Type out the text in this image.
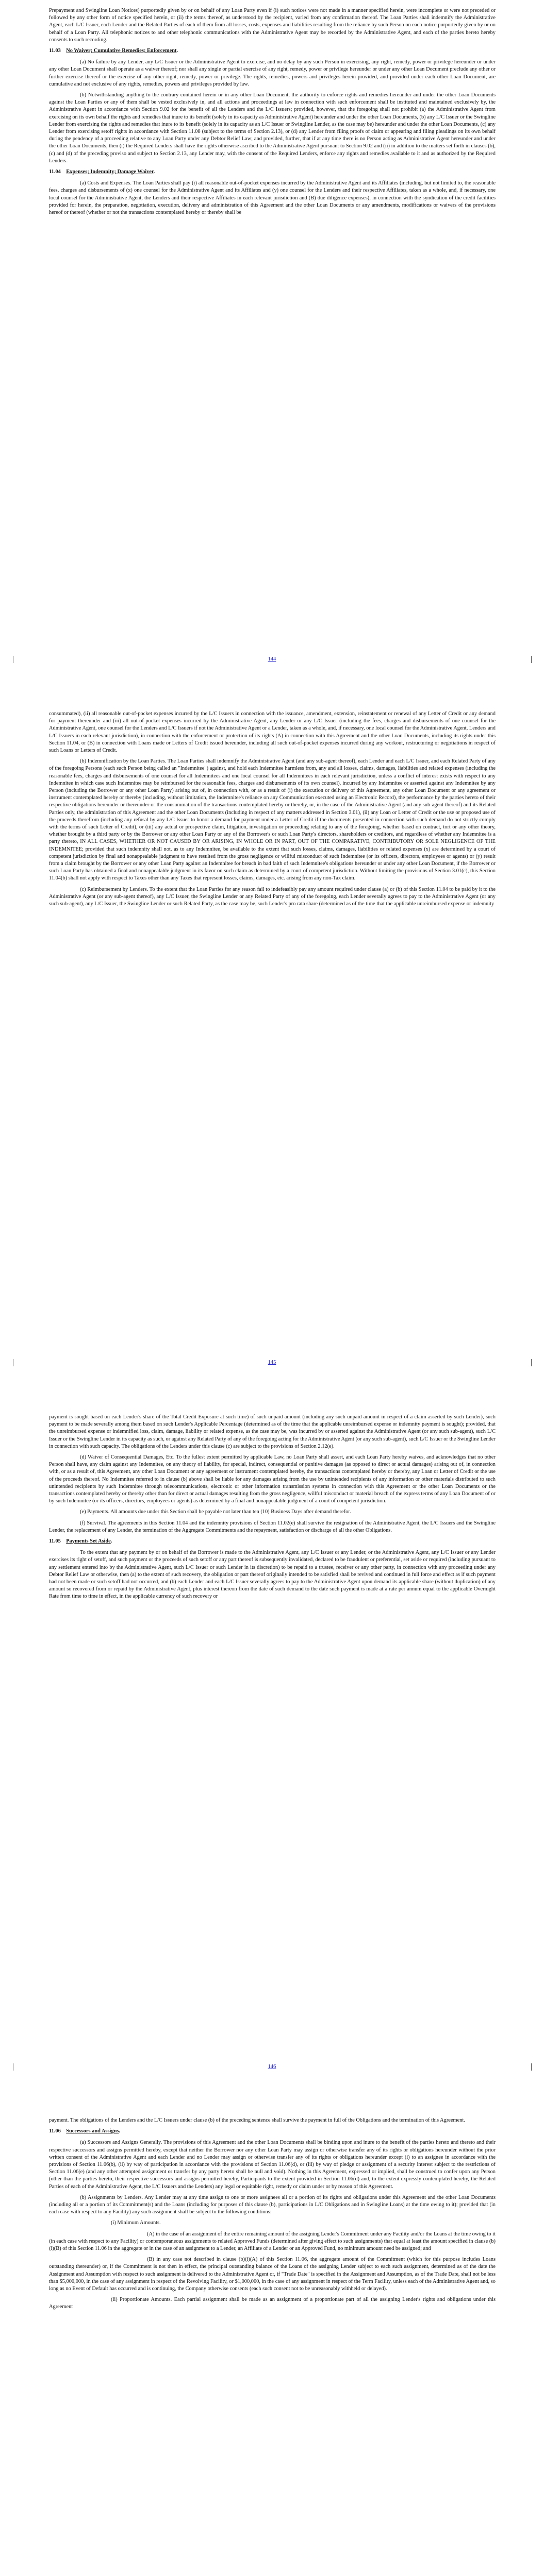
Prepayment and Swingline Loan Notices) purportedly given by or on behalf of any Loan Party even if (i) such notices were not made in a manner specified herein, were incomplete or were not preceded or followed by any other form of notice specified herein, or (ii) the terms thereof, as understood by the recipient, varied from any confirmation thereof. The Loan Parties shall indemnify the Administrative Agent, each L/C Issuer, each Lender and the Related Parties of each of them from all losses, costs, expenses and liabilities resulting from the reliance by such Person on each notice purportedly given by or on behalf of a Loan Party. All telephonic notices to and other telephonic communications with the Administrative Agent may be recorded by the Administrative Agent, and each of the parties hereto hereby consents to such recording.

11.03 No Waiver; Cumulative Remedies; Enforcement.

(a) No failure by any Lender, any L/C Issuer or the Administrative Agent to exercise, and no delay by any such Person in exercising, any right, remedy, power or privilege hereunder or under any other Loan Document shall operate as a waiver thereof; nor shall any single or partial exercise of any right, remedy, power or privilege hereunder or under any other Loan Document preclude any other or further exercise thereof or the exercise of any other right, remedy, power or privilege. The rights, remedies, powers and privileges herein provided, and provided under each other Loan Document, are cumulative and not exclusive of any rights, remedies, powers and privileges provided by law.

(b) Notwithstanding anything to the contrary contained herein or in any other Loan Document, the authority to enforce rights and remedies hereunder and under the other Loan Documents against the Loan Parties or any of them shall be vested exclusively in, and all actions and proceedings at law in connection with such enforcement shall be instituted and maintained exclusively by, the Administrative Agent in accordance with Section 9.02 for the benefit of all the Lenders and the L/C Issuers; provided, however, that the foregoing shall not prohibit (a) the Administrative Agent from exercising on its own behalf the rights and remedies that inure to its benefit (solely in its capacity as Administrative Agent) hereunder and under the other Loan Documents, (b) any L/C Issuer or the Swingline Lender from exercising the rights and remedies that inure to its benefit (solely in its capacity as an L/C Issuer or Swingline Lender, as the case may be) hereunder and under the other Loan Documents, (c) any Lender from exercising setoff rights in accordance with Section 11.08 (subject to the terms of Section 2.13), or (d) any Lender from filing proofs of claim or appearing and filing pleadings on its own behalf during the pendency of a proceeding relative to any Loan Party under any Debtor Relief Law; and provided, further, that if at any time there is no Person acting as Administrative Agent hereunder and under the other Loan Documents, then (i) the Required Lenders shall have the rights otherwise ascribed to the Administrative Agent pursuant to Section 9.02 and (ii) in addition to the matters set forth in clauses (b), (c) and (d) of the preceding proviso and subject to Section 2.13, any Lender may, with the consent of the Required Lenders, enforce any rights and remedies available to it and as authorized by the Required Lenders.

11.04 Expenses; Indemnity; Damage Waiver.

(a) Costs and Expenses. The Loan Parties shall pay (i) all reasonable out-of-pocket expenses incurred by the Administrative Agent and its Affiliates (including, but not limited to, the reasonable fees, charges and disbursements of (x) one counsel for the Administrative Agent and its Affiliates and (y) one counsel for the Lenders and their respective Affiliates, taken as a whole, and, if necessary, one local counsel for the Administrative Agent, the Lenders and their respective Affiliates in each relevant jurisdiction and (B) due diligence expenses), in connection with the syndication of the credit facilities provided for herein, the preparation, negotiation, execution, delivery and administration of this Agreement and the other Loan Documents or any amendments, modifications or waivers of the provisions hereof or thereof (whether or not the transactions contemplated hereby or thereby shall be

144

consummated), (ii) all reasonable out-of-pocket expenses incurred by the L/C Issuers in connection with the issuance, amendment, extension, reinstatement or renewal of any Letter of Credit or any demand for payment thereunder and (iii) all out-of-pocket expenses incurred by the Administrative Agent, any Lender or any L/C Issuer (including the fees, charges and disbursements of one counsel for the Administrative Agent, one counsel for the Lenders and L/C Issuers if not the Administrative Agent or a Lender, taken as a whole, and, if necessary, one local counsel for the Administrative Agent, Lenders and L/C Issuers in each relevant jurisdiction), in connection with the enforcement or protection of its rights (A) in connection with this Agreement and the other Loan Documents, including its rights under this Section 11.04, or (B) in connection with Loans made or Letters of Credit issued hereunder, including all such out-of-pocket expenses incurred during any workout, restructuring or negotiations in respect of such Loans or Letters of Credit.

(b) Indemnification by the Loan Parties. The Loan Parties shall indemnify the Administrative Agent (and any sub-agent thereof), each Lender and each L/C Issuer, and each Related Party of any of the foregoing Persons (each such Person being called an "Indemnitee") against, and hold each Indemnitee harmless from, any and all losses, claims, damages, liabilities and related expenses (including the reasonable fees, charges and disbursements of one counsel for all Indemnitees and one local counsel for all Indemnitees in each relevant jurisdiction, unless a conflict of interest exists with respect to any Indemnitee in which case such Indemnitee may be reimbursed for the reasonable fees, charges and disbursements of its own counsel), incurred by any Indemnitee or asserted against any Indemnitee by any Person (including the Borrower or any other Loan Party) arising out of, in connection with, or as a result of (i) the execution or delivery of this Agreement, any other Loan Document or any agreement or instrument contemplated hereby or thereby (including, without limitation, the Indemnitee's reliance on any Communication executed using an Electronic Record), the performance by the parties hereto of their respective obligations hereunder or thereunder or the consummation of the transactions contemplated hereby or thereby, or, in the case of the Administrative Agent (and any sub-agent thereof) and its Related Parties only, the administration of this Agreement and the other Loan Documents (including in respect of any matters addressed in Section 3.01), (ii) any Loan or Letter of Credit or the use or proposed use of the proceeds therefrom (including any refusal by any L/C Issuer to honor a demand for payment under a Letter of Credit if the documents presented in connection with such demand do not strictly comply with the terms of such Letter of Credit), or (iii) any actual or prospective claim, litigation, investigation or proceeding relating to any of the foregoing, whether based on contract, tort or any other theory, whether brought by a third party or by the Borrower or any other Loan Party or any of the Borrower's or such Loan Party's directors, shareholders or creditors, and regardless of whether any Indemnitee is a party thereto, IN ALL CASES, WHETHER OR NOT CAUSED BY OR ARISING, IN WHOLE OR IN PART, OUT OF THE COMPARATIVE, CONTRIBUTORY OR SOLE NEGLIGENCE OF THE INDEMNITEE; provided that such indemnity shall not, as to any Indemnitee, be available to the extent that such losses, claims, damages, liabilities or related expenses (x) are determined by a court of competent jurisdiction by final and nonappealable judgment to have resulted from the gross negligence or willful misconduct of such Indemnitee (or its officers, directors, employees or agents) or (y) result from a claim brought by the Borrower or any other Loan Party against an Indemnitee for breach in bad faith of such Indemnitee's obligations hereunder or under any other Loan Document, if the Borrower or such Loan Party has obtained a final and nonappealable judgment in its favor on such claim as determined by a court of competent jurisdiction. Without limiting the provisions of Section 3.01(c), this Section 11.04(b) shall not apply with respect to Taxes other than any Taxes that represent losses, claims, damages, etc. arising from any non-Tax claim.

(c) Reimbursement by Lenders. To the extent that the Loan Parties for any reason fail to indefeasibly pay any amount required under clause (a) or (b) of this Section 11.04 to be paid by it to the Administrative Agent (or any sub-agent thereof), any L/C Issuer, the Swingline Lender or any Related Party of any of the foregoing, each Lender severally agrees to pay to the Administrative Agent (or any such sub-agent), any L/C Issuer, the Swingline Lender or such Related Party, as the case may be, such Lender's pro rata share (determined as of the time that the applicable unreimbursed expense or indemnity

145

payment is sought based on each Lender's share of the Total Credit Exposure at such time) of such unpaid amount (including any such unpaid amount in respect of a claim asserted by such Lender), such payment to be made severally among them based on such Lender's Applicable Percentage (determined as of the time that the applicable unreimbursed expense or indemnity payment is sought); provided, that the unreimbursed expense or indemnified loss, claim, damage, liability or related expense, as the case may be, was incurred by or asserted against the Administrative Agent (or any such sub-agent), such L/C Issuer or the Swingline Lender in its capacity as such, or against any Related Party of any of the foregoing acting for the Administrative Agent (or any such sub-agent), such L/C Issuer or the Swingline Lender in connection with such capacity. The obligations of the Lenders under this clause (c) are subject to the provisions of Section 2.12(e).

(d) Waiver of Consequential Damages, Etc. To the fullest extent permitted by applicable Law, no Loan Party shall assert, and each Loan Party hereby waives, and acknowledges that no other Person shall have, any claim against any Indemnitee, on any theory of liability, for special, indirect, consequential or punitive damages (as opposed to direct or actual damages) arising out of, in connection with, or as a result of, this Agreement, any other Loan Document or any agreement or instrument contemplated hereby, the transactions contemplated hereby or thereby, any Loan or Letter of Credit or the use of the proceeds thereof. No Indemnitee referred to in clause (b) above shall be liable for any damages arising from the use by unintended recipients of any information or other materials distributed to such unintended recipients by such Indemnitee through telecommunications, electronic or other information transmission systems in connection with this Agreement or the other Loan Documents or the transactions contemplated hereby or thereby other than for direct or actual damages resulting from the gross negligence, willful misconduct or material breach of the express terms of any Loan Document of or by such Indemnitee (or its officers, directors, employees or agents) as determined by a final and nonappealable judgment of a court of competent jurisdiction.

(e) Payments. All amounts due under this Section shall be payable not later than ten (10) Business Days after demand therefor.

(f) Survival. The agreements in this Section 11.04 and the indemnity provisions of Section 11.02(e) shall survive the resignation of the Administrative Agent, the L/C Issuers and the Swingline Lender, the replacement of any Lender, the termination of the Aggregate Commitments and the repayment, satisfaction or discharge of all the other Obligations.

11.05 Payments Set Aside.

To the extent that any payment by or on behalf of the Borrower is made to the Administrative Agent, any L/C Issuer or any Lender, or the Administrative Agent, any L/C Issuer or any Lender exercises its right of setoff, and such payment or the proceeds of such setoff or any part thereof is subsequently invalidated, declared to be fraudulent or preferential, set aside or required (including pursuant to any settlement entered into by the Administrative Agent, such L/C Issuer or such Lender in its discretion) to be repaid to a trustee, receiver or any other party, in connection with any proceeding under any Debtor Relief Law or otherwise, then (a) to the extent of such recovery, the obligation or part thereof originally intended to be satisfied shall be revived and continued in full force and effect as if such payment had not been made or such setoff had not occurred, and (b) each Lender and each L/C Issuer severally agrees to pay to the Administrative Agent upon demand its applicable share (without duplication) of any amount so recovered from or repaid by the Administrative Agent, plus interest thereon from the date of such demand to the date such payment is made at a rate per annum equal to the applicable Overnight Rate from time to time in effect, in the applicable currency of such recovery or

146

payment. The obligations of the Lenders and the L/C Issuers under clause (b) of the preceding sentence shall survive the payment in full of the Obligations and the termination of this Agreement.

11.06 Successors and Assigns.

(a) Successors and Assigns Generally. The provisions of this Agreement and the other Loan Documents shall be binding upon and inure to the benefit of the parties hereto and thereto and their respective successors and assigns permitted hereby, except that neither the Borrower nor any other Loan Party may assign or otherwise transfer any of its rights or obligations hereunder without the prior written consent of the Administrative Agent and each Lender and no Lender may assign or otherwise transfer any of its rights or obligations hereunder except (i) to an assignee in accordance with the provisions of Section 11.06(b), (ii) by way of participation in accordance with the provisions of Section 11.06(d), or (iii) by way of pledge or assignment of a security interest subject to the restrictions of Section 11.06(e) (and any other attempted assignment or transfer by any party hereto shall be null and void). Nothing in this Agreement, expressed or implied, shall be construed to confer upon any Person (other than the parties hereto, their respective successors and assigns permitted hereby, Participants to the extent provided in Section 11.06(d) and, to the extent expressly contemplated hereby, the Related Parties of each of the Administrative Agent, the L/C Issuers and the Lenders) any legal or equitable right, remedy or claim under or by reason of this Agreement.

(b) Assignments by Lenders. Any Lender may at any time assign to one or more assignees all or a portion of its rights and obligations under this Agreement and the other Loan Documents (including all or a portion of its Commitment(s) and the Loans (including for purposes of this clause (b), participations in L/C Obligations and in Swingline Loans) at the time owing to it); provided that (in each case with respect to any Facility) any such assignment shall be subject to the following conditions:

(i) Minimum Amounts.

(A) in the case of an assignment of the entire remaining amount of the assigning Lender's Commitment under any Facility and/or the Loans at the time owing to it (in each case with respect to any Facility) or contemporaneous assignments to related Approved Funds (determined after giving effect to such assignments) that equal at least the amount specified in clause (b)(i)(B) of this Section 11.06 in the aggregate or in the case of an assignment to a Lender, an Affiliate of a Lender or an Approved Fund, no minimum amount need be assigned; and

(B) in any case not described in clause (b)(i)(A) of this Section 11.06, the aggregate amount of the Commitment (which for this purpose includes Loans outstanding thereunder) or, if the Commitment is not then in effect, the principal outstanding balance of the Loans of the assigning Lender subject to each such assignment, determined as of the date the Assignment and Assumption with respect to such assignment is delivered to the Administrative Agent or, if "Trade Date" is specified in the Assignment and Assumption, as of the Trade Date, shall not be less than $5,000,000, in the case of any assignment in respect of the Revolving Facility, or $1,000,000, in the case of any assignment in respect of the Term Facility, unless each of the Administrative Agent and, so long as no Event of Default has occurred and is continuing, the Company otherwise consents (each such consent not to be unreasonably withheld or delayed).

(ii) Proportionate Amounts. Each partial assignment shall be made as an assignment of a proportionate part of all the assigning Lender's rights and obligations under this Agreement
